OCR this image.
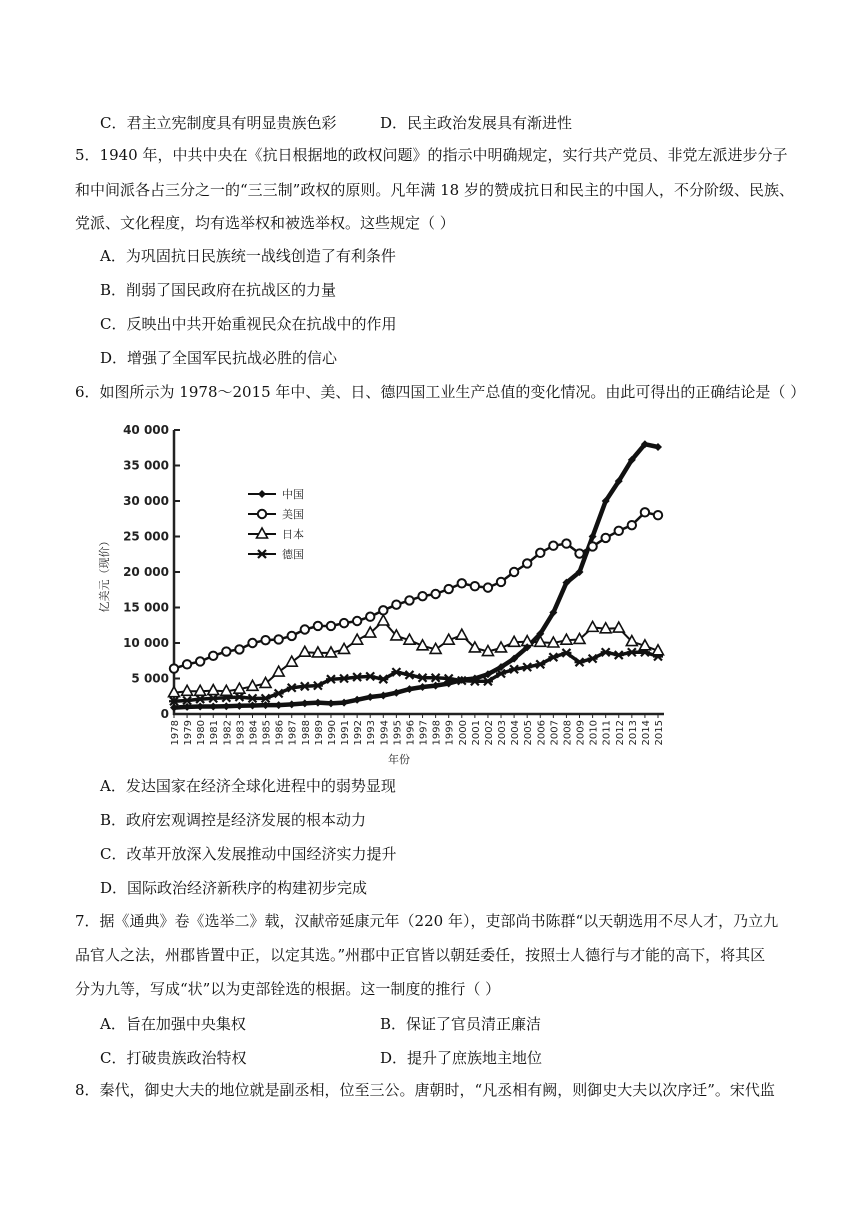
C．君主立宪制度具有明显贵族色彩	D．民主政治发展具有渐进性
5．1940 年，中共中央在《抗日根据地的政权问题》的指示中明确规定，实行共产党员、非党左派进步分子
和中间派各占三分之一的“三三制”政权的原则。凡年满 18 岁的赞成抗日和民主的中国人，不分阶级、民族、
党派、文化程度，均有选举权和被选举权。这些规定（ ）
A．为巩固抗日民族统一战线创造了有利条件
B．削弱了国民政府在抗战区的力量
C．反映出中共开始重视民众在抗战中的作用
D．增强了全国军民抗战必胜的信心
6．如图所示为 1978～2015 年中、美、日、德四国工业生产总值的变化情况。由此可得出的正确结论是（ ）
0
5 000
10 000
15 000
20 000
25 000
30 000
35 000
40 000
1978 1979 1980 1981 1982 1983 1984 1985 1986 1987 1988 1989 1990 1991 1992 1993 1994 1995 1996 1997 1998 1999 2000 2001 2002 2003 2004 2005 2006 2007 2008 2009 2010 2011 2012 2013 2014 2015
中国
美国
日本
德国
亿美元（现价）
年份
A．发达国家在经济全球化进程中的弱势显现
B．政府宏观调控是经济发展的根本动力
C．改革开放深入发展推动中国经济实力提升
D．国际政治经济新秩序的构建初步完成
7．据《通典》卷《选举二》载，汉献帝延康元年（220 年），吏部尚书陈群“以天朝选用不尽人才，乃立九
品官人之法，州郡皆置中正，以定其选。”州郡中正官皆以朝廷委任，按照士人德行与才能的高下，将其区
分为九等，写成“状”以为吏部铨选的根据。这一制度的推行（ ）
A．旨在加强中央集权	B．保证了官员清正廉洁
C．打破贵族政治特权	D．提升了庶族地主地位
8．秦代，御史大夫的地位就是副丞相，位至三公。唐朝时，“凡丞相有阙，则御史大夫以次序迁”。宋代监
